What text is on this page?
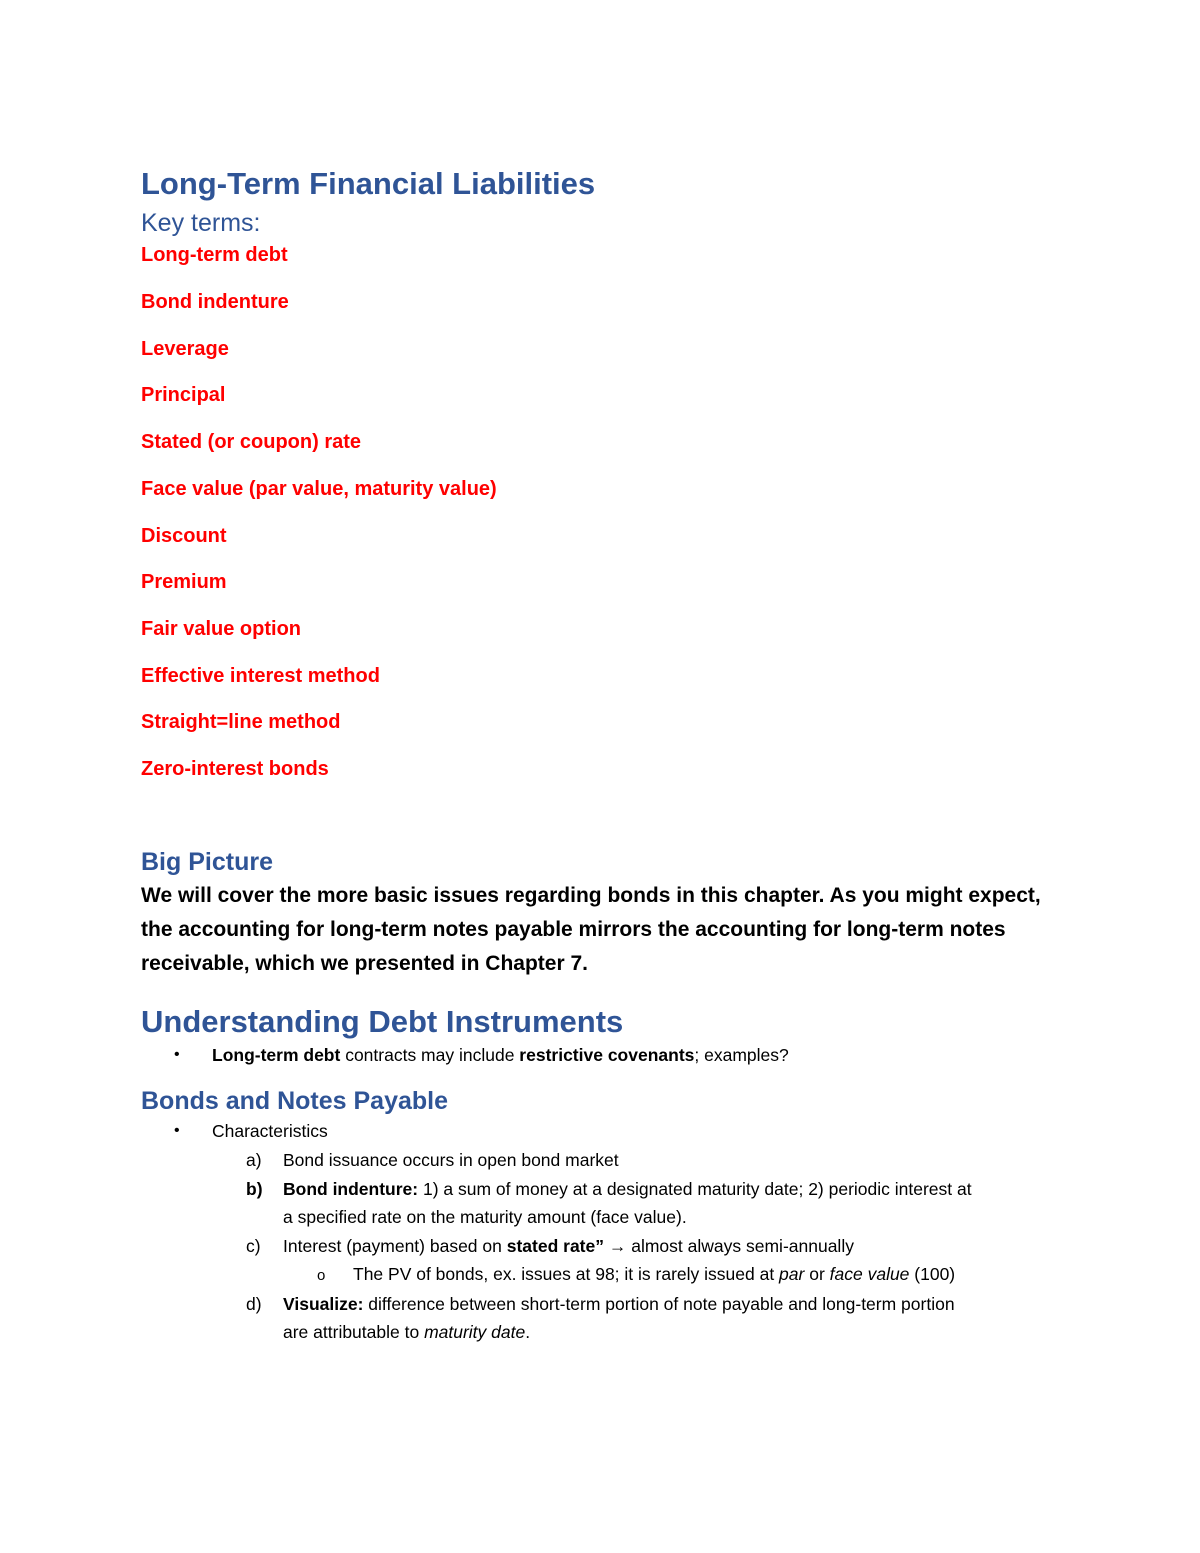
Long-Term Financial Liabilities
Key terms:
Long-term debt
Bond indenture
Leverage
Principal
Stated (or coupon) rate
Face value (par value, maturity value)
Discount
Premium
Fair value option
Effective interest method
Straight=line method
Zero-interest bonds
Big Picture
We will cover the more basic issues regarding bonds in this chapter. As you might expect,
the accounting for long-term notes payable mirrors the accounting for long-term notes
receivable, which we presented in Chapter 7.
Understanding Debt Instruments
• Long-term debt contracts may include restrictive covenants; examples?
Bonds and Notes Payable
• Characteristics
a) Bond issuance occurs in open bond market
b) Bond indenture: 1) a sum of money at a designated maturity date; 2) periodic interest at
a specified rate on the maturity amount (face value).
c) Interest (payment) based on stated rate” → almost always semi-annually
o The PV of bonds, ex. issues at 98; it is rarely issued at par or face value (100)
d) Visualize: difference between short-term portion of note payable and long-term portion
are attributable to maturity date.
